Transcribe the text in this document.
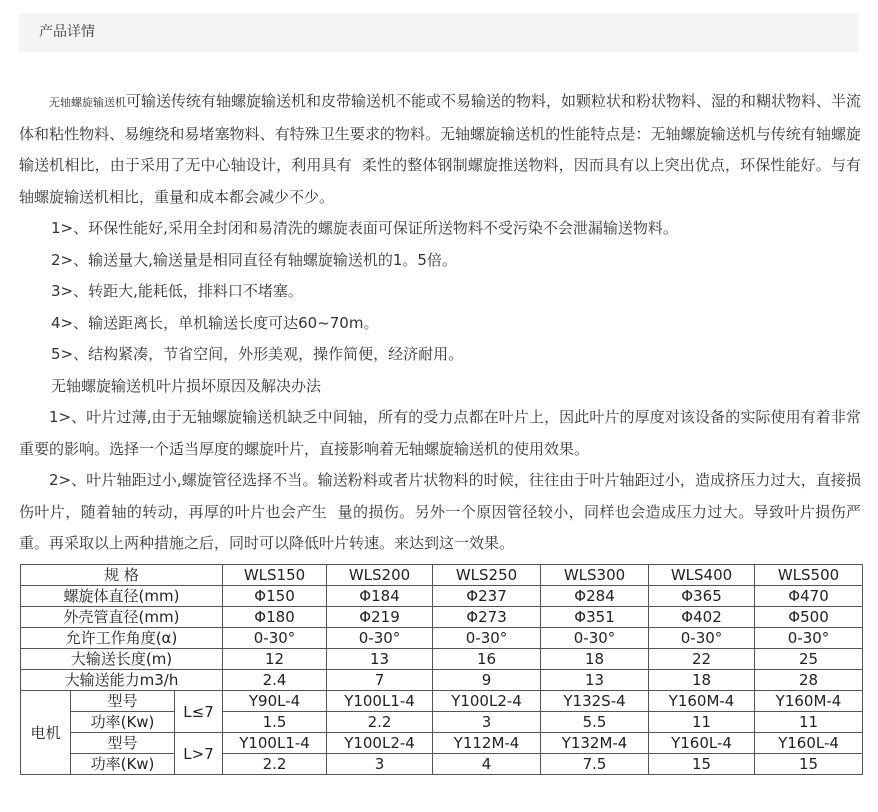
产品详情

无轴螺旋输送机可输送传统有轴螺旋输送机和皮带输送机不能或不易输送的物料，如颗粒状和粉状物料、湿的和糊状物料、半流体和粘性物料、易缠绕和易堵塞物料、有特殊卫生要求的物料。无轴螺旋输送机的性能特点是：无轴螺旋输送机与传统有轴螺旋输送机相比，由于采用了无中心轴设计，利用具有 柔性的整体钢制螺旋推送物料，因而具有以上突出优点，环保性能好。与有轴螺旋输送机相比，重量和成本都会减少不少。

1>、环保性能好,采用全封闭和易清洗的螺旋表面可保证所送物料不受污染不会泄漏输送物料。

2>、输送量大,输送量是相同直径有轴螺旋输送机的1。5倍。

3>、转距大,能耗低，排料口不堵塞。

4>、输送距离长，单机输送长度可达60~70m。

5>、结构紧凑，节省空间，外形美观，操作简便，经济耐用。

无轴螺旋输送机叶片损坏原因及解决办法

1>、叶片过薄,由于无轴螺旋输送机缺乏中间轴，所有的受力点都在叶片上，因此叶片的厚度对该设备的实际使用有着非常重要的影响。选择一个适当厚度的螺旋叶片，直接影响着无轴螺旋输送机的使用效果。

2>、叶片轴距过小,螺旋管径选择不当。输送粉料或者片状物料的时候，往往由于叶片轴距过小，造成挤压力过大，直接损伤叶片，随着轴的转动，再厚的叶片也会产生 量的损伤。另外一个原因管径较小，同样也会造成压力过大。导致叶片损伤严重。再采取以上两种措施之后，同时可以降低叶片转速。来达到这一效果。

规 格			WLS150	WLS200	WLS250	WLS300	WLS400	WLS500
螺旋体直径(mm)			Φ150	Φ184	Φ237	Φ284	Φ365	Φ470
外壳管直径(mm)			Φ180	Φ219	Φ273	Φ351	Φ402	Φ500
允许工作角度(α)			0-30°	0-30°	0-30°	0-30°	0-30°	0-30°
大输送长度(m)			12	13	16	18	22	25
大输送能力m3/h			2.4	7	9	13	18	28
电机	型号	L≤7	Y90L-4	Y100L1-4	Y100L2-4	Y132S-4	Y160M-4	Y160M-4
	功率(Kw)		1.5	2.2	3	5.5	11	11
	型号	L>7	Y100L1-4	Y100L2-4	Y112M-4	Y132M-4	Y160L-4	Y160L-4
	功率(Kw)		2.2	3	4	7.5	15	15
